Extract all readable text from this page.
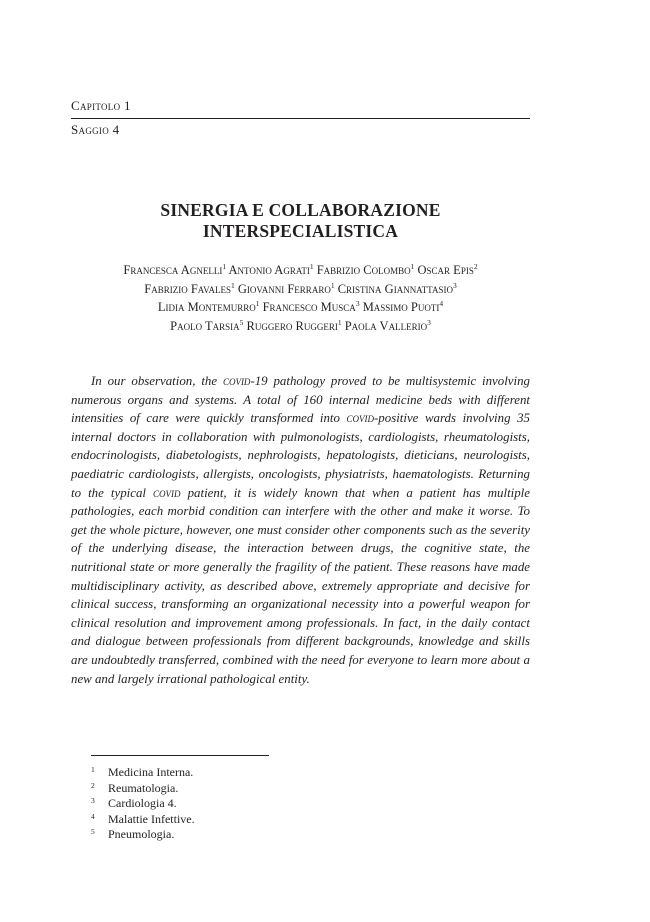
Capitolo 1
Saggio 4
SINERGIA E COLLABORAZIONE
INTERSPECIALISTICA
Francesca Agnelli$^1$ Antonio Agrati$^1$ Fabrizio Colombo$^1$ Oscar Epis$^2$
Fabrizio Favales$^1$ Giovanni Ferraro$^1$ Cristina Giannattasio$^3$
Lidia Montemurro$^1$ Francesco Musca$^3$ Massimo Puoti$^4$
Paolo Tarsia$^5$ Ruggero Ruggeri$^1$ Paola Vallerio$^3$

In our observation, the covid-19 pathology proved to be multisystemic involving numerous organs and systems. A total of 160 internal medicine beds with different intensities of care were quickly transformed into covid-positive wards involving 35 internal doctors in collaboration with pulmonologists, cardiologists, rheumatologists, endocrinologists, diabetologists, nephrologists, hepatologists, dieticians, neurologists, paediatric cardiologists, allergists, oncologists, physiatrists, haematologists. Returning to the typical covid patient, it is widely known that when a patient has multiple pathologies, each morbid condition can interfere with the other and make it worse. To get the whole picture, however, one must consider other components such as the severity of the underlying disease, the interaction between drugs, the cognitive state, the nutritional state or more generally the fragility of the patient. These reasons have made multidisciplinary activity, as described above, extremely appropriate and decisive for clinical success, transforming an organizational necessity into a powerful weapon for clinical resolution and improvement among professionals. In fact, in the daily contact and dialogue between professionals from different backgrounds, knowledge and skills are undoubtedly transferred, combined with the need for everyone to learn more about a new and largely irrational pathological entity.

1 Medicina Interna.
2 Reumatologia.
3 Cardiologia 4.
4 Malattie Infettive.
5 Pneumologia.
